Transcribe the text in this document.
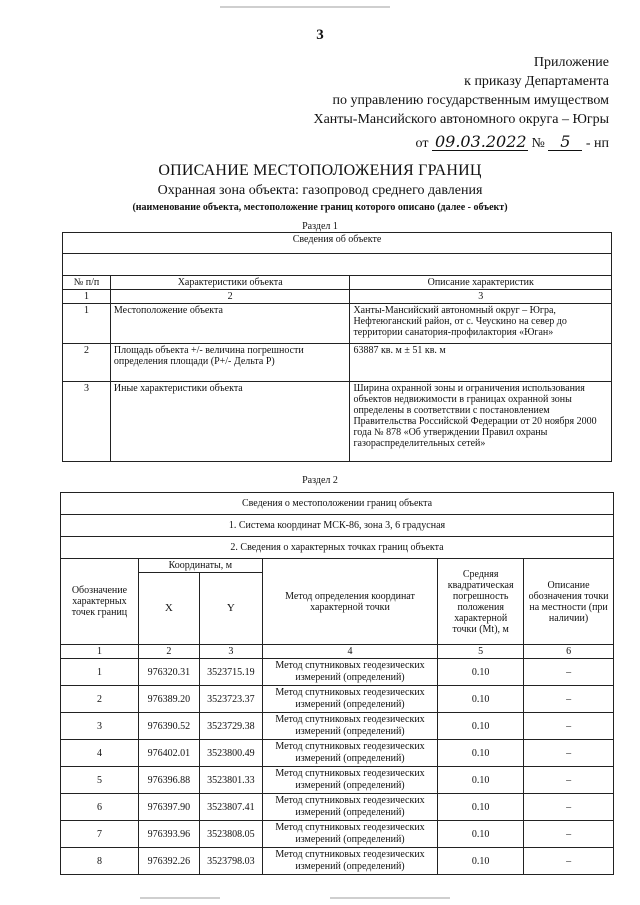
3
Приложение
к приказу Департамента
по управлению государственным имуществом
Ханты-Мансийского автономного округа – Югры
от 09.03.2022 № 5 - нп
ОПИСАНИЕ МЕСТОПОЛОЖЕНИЯ ГРАНИЦ
Охранная зона объекта: газопровод среднего давления
(наименование объекта, местоположение границ которого описано (далее - объект)
Раздел 1
Сведения об объекте		

№ п/п	Характеристики объекта	Описание характеристик
1	2	3
1	Местоположение объекта	Ханты-Мансийский автономный округ – Югра, Нефтеюганский район, от с. Чеускино на север до территории санатория-профилактория «Юган»
2	Площадь объекта +/- величина погрешности определения площади (Р+/- Дельта Р)	63887 кв. м ± 51 кв. м
3	Иные характеристики объекта	Ширина охранной зоны и ограничения использования объектов недвижимости в границах охранной зоны определены в соответствии с постановлением Правительства Российской Федерации от 20 ноября 2000 года № 878 «Об утверждении Правил охраны газораспределительных сетей»
Раздел 2
Сведения о местоположении границ объекта					
1. Система координат МСК-86, зона 3, 6 градусная					
2. Сведения о характерных точках границ объекта					
Обозначение характерных точек границ	Координаты, м		Метод определения координат характерной точки	Средняя квадратическая погрешность положения характерной точки (Mt), м	Описание обозначения точки на местности (при наличии)
	X	Y			
1	2	3	4	5	6
1	976320.31	3523715.19	Метод спутниковых геодезических измерений (определений)	0.10	–
2	976389.20	3523723.37	Метод спутниковых геодезических измерений (определений)	0.10	–
3	976390.52	3523729.38	Метод спутниковых геодезических измерений (определений)	0.10	–
4	976402.01	3523800.49	Метод спутниковых геодезических измерений (определений)	0.10	–
5	976396.88	3523801.33	Метод спутниковых геодезических измерений (определений)	0.10	–
6	976397.90	3523807.41	Метод спутниковых геодезических измерений (определений)	0.10	–
7	976393.96	3523808.05	Метод спутниковых геодезических измерений (определений)	0.10	–
8	976392.26	3523798.03	Метод спутниковых геодезических измерений (определений)	0.10	–
